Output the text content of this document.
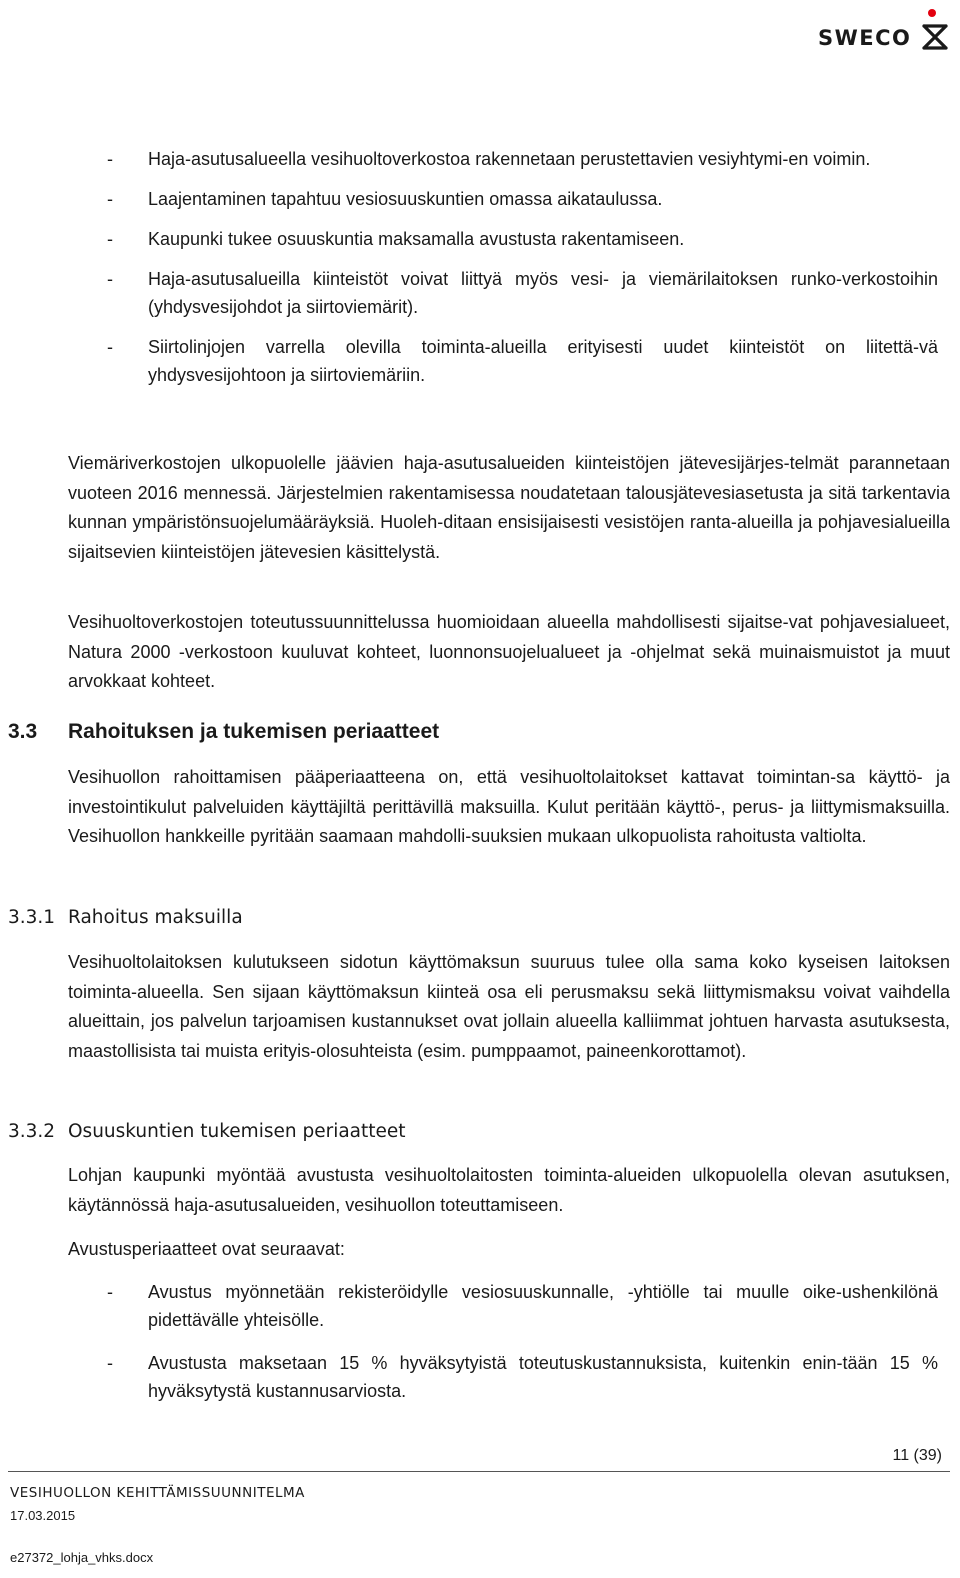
SWECO
- Haja-asutusalueella vesihuoltoverkostoa rakennetaan perustettavien vesiyhtymi-en voimin.
- Laajentaminen tapahtuu vesiosuuskuntien omassa aikataulussa.
- Kaupunki tukee osuuskuntia maksamalla avustusta rakentamiseen.
- Haja-asutusalueilla kiinteistöt voivat liittyä myös vesi- ja viemärilaitoksen runko-verkostoihin (yhdysvesijohdot ja siirtoviemärit).
- Siirtolinjojen varrella olevilla toiminta-alueilla erityisesti uudet kiinteistöt on liitettä-vä yhdysvesijohtoon ja siirtoviemäriin.
Viemäriverkostojen ulkopuolelle jäävien haja-asutusalueiden kiinteistöjen jätevesijärjes-telmät parannetaan vuoteen 2016 mennessä. Järjestelmien rakentamisessa noudatetaan talousjätevesiasetusta ja sitä tarkentavia kunnan ympäristönsuojelumääräyksiä. Huoleh-ditaan ensisijaisesti vesistöjen ranta-alueilla ja pohjavesialueilla sijaitsevien kiinteistöjen jätevesien käsittelystä.
Vesihuoltoverkostojen toteutussuunnittelussa huomioidaan alueella mahdollisesti sijaitse-vat pohjavesialueet, Natura 2000 -verkostoon kuuluvat kohteet, luonnonsuojelualueet ja -ohjelmat sekä muinaismuistot ja muut arvokkaat kohteet.
3.3 Rahoituksen ja tukemisen periaatteet
Vesihuollon rahoittamisen pääperiaatteena on, että vesihuoltolaitokset kattavat toimintan-sa käyttö- ja investointikulut palveluiden käyttäjiltä perittävillä maksuilla. Kulut peritään käyttö-, perus- ja liittymismaksuilla. Vesihuollon hankkeille pyritään saamaan mahdolli-suuksien mukaan ulkopuolista rahoitusta valtiolta.
3.3.1 Rahoitus maksuilla
Vesihuoltolaitoksen kulutukseen sidotun käyttömaksun suuruus tulee olla sama koko kyseisen laitoksen toiminta-alueella. Sen sijaan käyttömaksun kiinteä osa eli perusmaksu sekä liittymismaksu voivat vaihdella alueittain, jos palvelun tarjoamisen kustannukset ovat jollain alueella kalliimmat johtuen harvasta asutuksesta, maastollisista tai muista erityis-olosuhteista (esim. pumppaamot, paineenkorottamot).
3.3.2 Osuuskuntien tukemisen periaatteet
Lohjan kaupunki myöntää avustusta vesihuoltolaitosten toiminta-alueiden ulkopuolella olevan asutuksen, käytännössä haja-asutusalueiden, vesihuollon toteuttamiseen.
Avustusperiaatteet ovat seuraavat:
- Avustus myönnetään rekisteröidylle vesiosuuskunnalle, -yhtiölle tai muulle oike-ushenkilönä pidettävälle yhteisölle.
- Avustusta maksetaan 15 % hyväksytyistä toteutuskustannuksista, kuitenkin enin-tään 15 % hyväksytystä kustannusarviosta.
11 (39)
VESIHUOLLON KEHITTÄMISSUUNNITELMA
17.03.2015
e27372_lohja_vhks.docx
